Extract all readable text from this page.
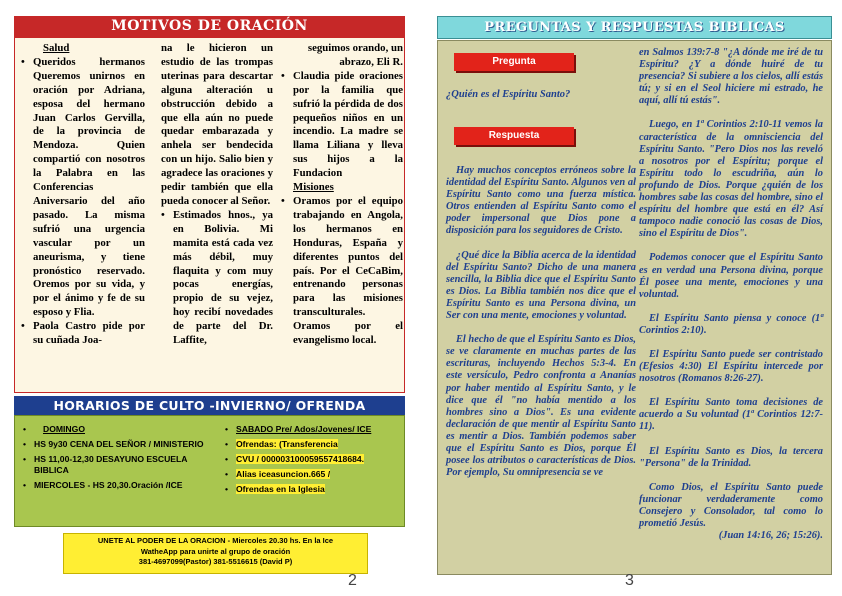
MOTIVOS DE ORACIÓN

Salud

• Queridos hermanos Queremos unirnos en oración por Adriana, esposa del hermano Juan Carlos Gervilla, de la provincia de Mendoza. Quien compartió con nosotros la Palabra en las Conferencias Aniversario del año pasado. La misma sufrió una urgencia vascular por un aneurisma, y tiene pronóstico reservado. Oremos por su vida, y por el ánimo y fe de su esposo y Flia.

• Paola Castro pide por su cuñada Joa-

na le hicieron un estudio de las trompas uterinas para descartar alguna alteración u obstrucción debido a que ella aún no puede quedar embarazada y anhela ser bendecida con un hijo. Salio bien y agradece las oraciones y pedir también que ella pueda conocer al Señor.

• Estimados hnos., ya en Bolivia. Mi mamita está cada vez más débil, muy flaquita y com muy pocas energías, propio de su vejez, hoy recibí novedades de parte del Dr. Laffite,

seguimos orando, un abrazo, Eli R.

• Claudia pide oraciones por la familia que sufrió la pérdida de dos pequeños niños en un incendio. La madre se llama Liliana y lleva sus hijos a la Fundacion

Misiones

• Oramos por el equipo trabajando en Angola, los hermanos en Honduras, España y diferentes puntos del país. Por el CeCaBim, entrenando personas para las misiones transculturales. Oramos por el evangelismo local.

HORARIOS DE CULTO -INVIERNO/ OFRENDA
• DOMINGO
• HS 9y30 CENA DEL SEÑOR / MINISTERIO
• HS 11,00-12,30 DESAYUNO ESCUELA BIBLICA
• MIERCOLES - HS 20,30.Oración /ICE
• SABADO Pre/ Ados/Jovenes/ ICE
• Ofrendas: (Transferencia
• CVU / 0000031000595574186​84.
• Alias iceasuncion.665 /
• Ofrendas en la Iglesia
UNETE AL PODER DE LA ORACION - Miercoles 20.30 hs. En la Ice
WatheApp para unirte al grupo de oración
381-4697099(Pastor) 381-5516615 (David P)
2
PREGUNTAS Y RESPUESTAS BIBLICAS
Pregunta
¿Quién es el Espíritu Santo?
Respuesta

Hay muchos conceptos erróneos sobre la identidad del Espíritu Santo. Algunos ven al Espíritu Santo como una fuerza mística. Otros entienden al Espíritu Santo como el poder impersonal que Dios pone a disposición para los seguidores de Cristo.

¿Qué dice la Biblia acerca de la identidad del Espíritu Santo? Dicho de una manera sencilla, la Biblia dice que el Espíritu Santo es Dios. La Biblia también nos dice que el Espíritu Santo es una Persona divina, un Ser con una mente, emociones y voluntad.

El hecho de que el Espíritu Santo es Dios, se ve claramente en muchas partes de las escrituras, incluyendo Hechos 5:3-4. En este versículo, Pedro confronta a Ananías por haber mentido al Espíritu Santo, y le dice que él "no había mentido a los hombres sino a Dios". Es una evidente declaración de que mentir al Espíritu Santo es mentir a Dios. También podemos saber que el Espíritu Santo es Dios, porque Él posee los atributos o características de Dios. Por ejemplo, Su omnipresencia se ve

en Salmos 139:7-8 "¿A dónde me iré de tu Espíritu? ¿Y a dónde huiré de tu presencia? Si subiere a los cielos, allí estás tú; y si en el Seol hiciere mi estrado, he aquí, allí tú estás".

Luego, en 1ª Corintios 2:10-11 vemos la característica de la omnisciencia del Espíritu Santo. "Pero Dios nos las reveló a nosotros por el Espíritu; porque el Espíritu todo lo escudriña, aún lo profundo de Dios. Porque ¿quién de los hombres sabe las cosas del hombre, sino el espíritu del hombre que está en él? Así tampoco nadie conoció las cosas de Dios, sino el Espíritu de Dios".

Podemos conocer que el Espíritu Santo es en verdad una Persona divina, porque Él posee una mente, emociones y una voluntad.

El Espíritu Santo piensa y conoce (1ª Corintios 2:10).

El Espíritu Santo puede ser contristado (Efesios 4:30) El Espíritu intercede por nosotros (Romanos 8:26-27).

El Espíritu Santo toma decisiones de acuerdo a Su voluntad (1ª Corintios 12:7-11).

El Espíritu Santo es Dios, la tercera "Persona" de la Trinidad.

Como Dios, el Espíritu Santo puede funcionar verdaderamente como Consejero y Consolador, tal como lo prometió Jesús.

(Juan 14:16, 26; 15:26).

3
